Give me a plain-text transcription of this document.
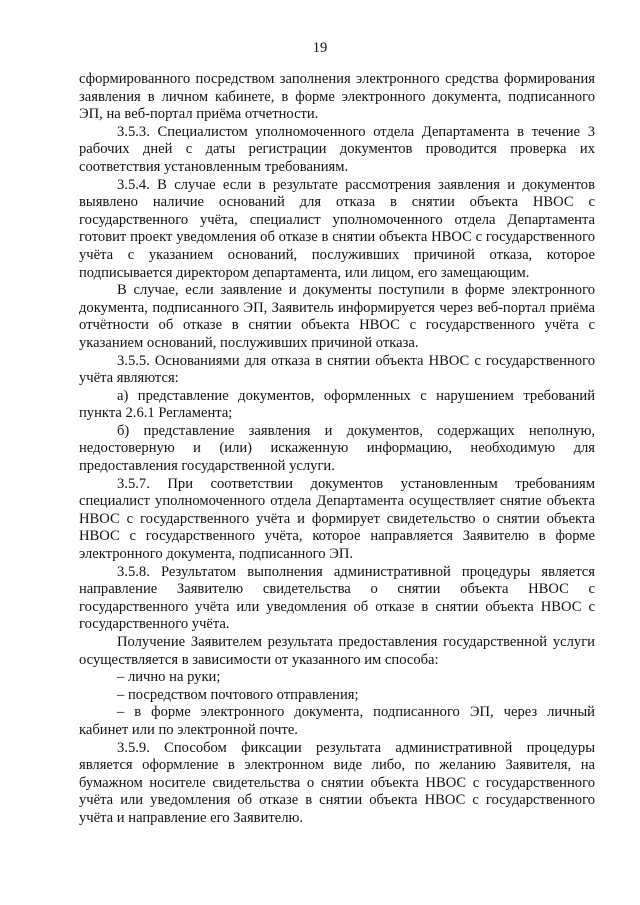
19

сформированного посредством заполнения электронного средства формирования заявления в личном кабинете, в форме электронного документа, подписанного ЭП, на веб-портал приёма отчетности.

3.5.3. Специалистом уполномоченного отдела Департамента в течение 3 рабочих дней с даты регистрации документов проводится проверка их соответствия установленным требованиям.

3.5.4. В случае если в результате рассмотрения заявления и документов выявлено наличие оснований для отказа в снятии объекта НВОС с государственного учёта, специалист уполномоченного отдела Департамента готовит проект уведомления об отказе в снятии объекта НВОС с государственного учёта с указанием оснований, послуживших причиной отказа, которое подписывается директором департамента, или лицом, его замещающим.

В случае, если заявление и документы поступили в форме электронного документа, подписанного ЭП, Заявитель информируется через веб-портал приёма отчётности об отказе в снятии объекта НВОС с государственного учёта с указанием оснований, послуживших причиной отказа.

3.5.5. Основаниями для отказа в снятии объекта НВОС с государственного учёта являются:

а) представление документов, оформленных с нарушением требований пункта 2.6.1 Регламента;

б) представление заявления и документов, содержащих неполную, недостоверную и (или) искаженную информацию, необходимую для предоставления государственной услуги.

3.5.7. При соответствии документов установленным требованиям специалист уполномоченного отдела Департамента осуществляет снятие объекта НВОС с государственного учёта и формирует свидетельство о снятии объекта НВОС с государственного учёта, которое направляется Заявителю в форме электронного документа, подписанного ЭП.

3.5.8. Результатом выполнения административной процедуры является направление Заявителю свидетельства о снятии объекта НВОС с государственного учёта или уведомления об отказе в снятии объекта НВОС с государственного учёта.

Получение Заявителем результата предоставления государственной услуги осуществляется в зависимости от указанного им способа:

– лично на руки;

– посредством почтового отправления;

– в форме электронного документа, подписанного ЭП, через личный кабинет или по электронной почте.

3.5.9. Способом фиксации результата административной процедуры является оформление в электронном виде либо, по желанию Заявителя, на бумажном носителе свидетельства о снятии объекта НВОС с государственного учёта или уведомления об отказе в снятии объекта НВОС с государственного учёта и направление его Заявителю.
